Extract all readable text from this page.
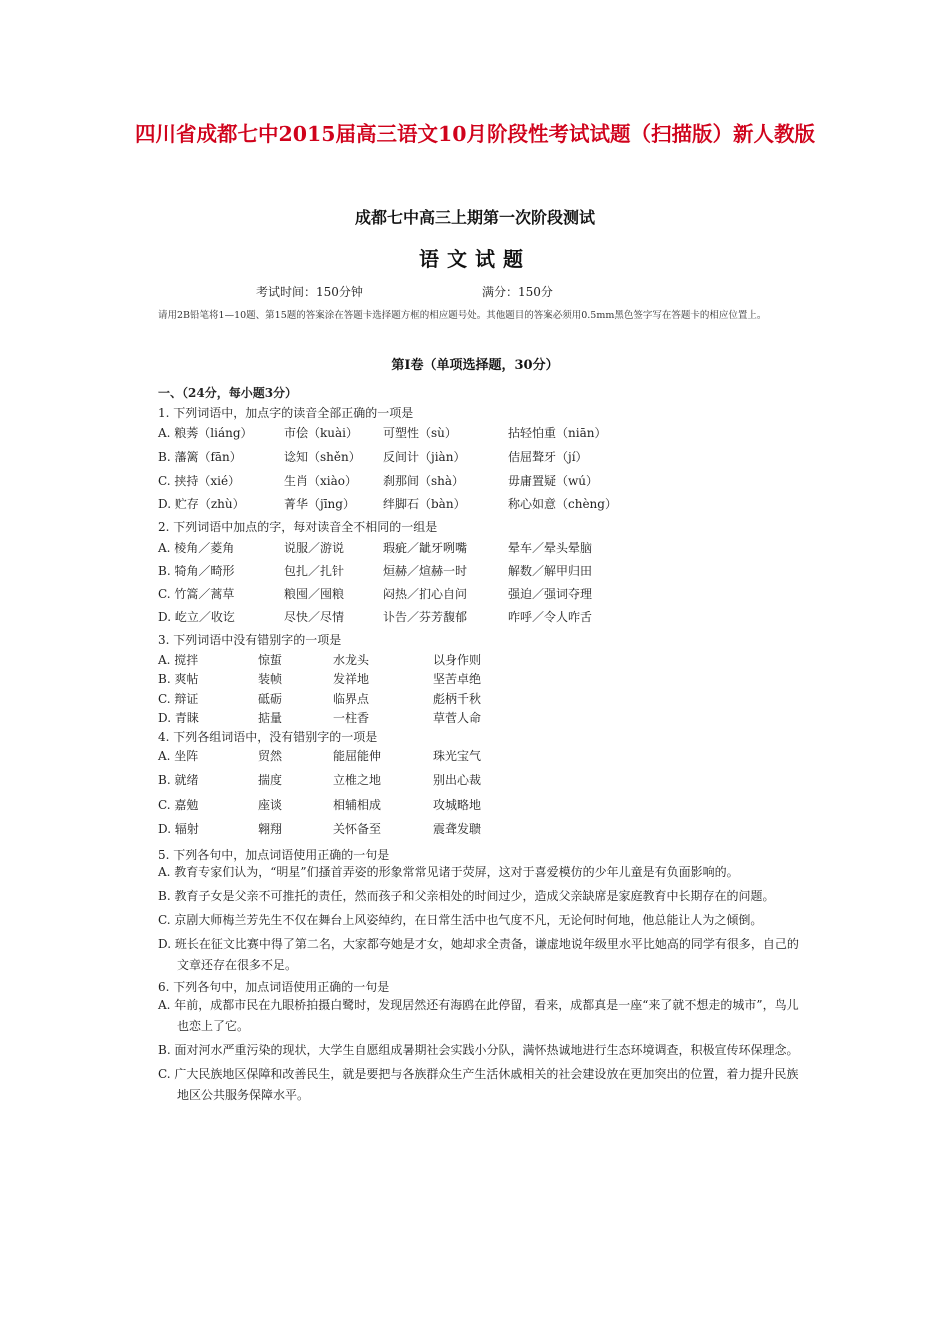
四川省成都七中2015届高三语文10月阶段性考试试题（扫描版）新人教版
成都七中高三上期第一次阶段测试
语文试题
考试时间：150分钟	满分：150分
请用2B铅笔将1—10题、第15题的答案涂在答题卡选择题方框的相应题号处。其他题目的答案必须用0.5mm黑色签字写在答题卡的相应位置上。
第Ⅰ卷（单项选择题，30分）
一、（24分，每小题3分）
1. 下列词语中，加点字的读音全部正确的一项是
A. 粮莠（liáng）	市侩（kuài） 可塑性（sù）	拈轻怕重（niān）
B. 藩篱（fān）	谂知（shěn） 反间计（jiàn）	佶屈聱牙（jí）
C. 挟持（xié）	生肖（xiào） 刹那间（shà）	毋庸置疑（wú）
D. 贮存（zhù）	菁华（jīng） 绊脚石（bàn）	称心如意（chèng）
2. 下列词语中加点的字，每对读音全不相同的一组是
A. 棱角／菱角	说服／游说	瑕疵／龇牙咧嘴	晕车／晕头晕脑
B. 犄角／畸形	包扎／扎针	烜赫／煊赫一时	解数／解甲归田
C. 竹篙／蒿草	粮囤／囤粮	闷热／扪心自问	强迫／强词夺理
D. 屹立／收讫	尽快／尽情	讣告／芬芳馥郁	咋呼／令人咋舌
3. 下列词语中没有错别字的一项是
A. 搅拌	惊蜇	水龙头	以身作则
B. 爽帖	装帧	发祥地	坚苦卓绝
C. 辩证	砥砺	临界点	彪柄千秋
D. 青睐	掂量	一柱香	草菅人命
4. 下列各组词语中，没有错别字的一项是
A. 坐阵	贸然	能屈能伸	珠光宝气
B. 就绪	揣度	立椎之地	别出心裁
C. 嘉勉	座谈	相辅相成	攻城略地
D. 辐射	翱翔	关怀备至	震聋发聩
5. 下列各句中，加点词语使用正确的一句是
A. 教育专家们认为，“明星”们搔首弄姿的形象常常见诸于荧屏，这对于喜爱模仿的少年儿童是有负面影响的。
B. 教育子女是父亲不可推托的责任，然而孩子和父亲相处的时间过少，造成父亲缺席是家庭教育中长期存在的问题。
C. 京剧大师梅兰芳先生不仅在舞台上风姿绰约，在日常生活中也气度不凡，无论何时何地，他总能让人为之倾倒。
D. 班长在征文比赛中得了第二名，大家都夸她是才女，她却求全责备，谦虚地说年级里水平比她高的同学有很多，自己的文章还存在很多不足。
6. 下列各句中，加点词语使用正确的一句是
A. 年前，成都市民在九眼桥拍摄白鹭时，发现居然还有海鸥在此停留，看来，成都真是一座“来了就不想走的城市”，鸟儿也恋上了它。
B. 面对河水严重污染的现状，大学生自愿组成暑期社会实践小分队，满怀热诚地进行生态环境调查，积极宣传环保理念。
C. 广大民族地区保障和改善民生，就是要把与各族群众生产生活休戚相关的社会建设放在更加突出的位置，着力提升民族地区公共服务保障水平。
